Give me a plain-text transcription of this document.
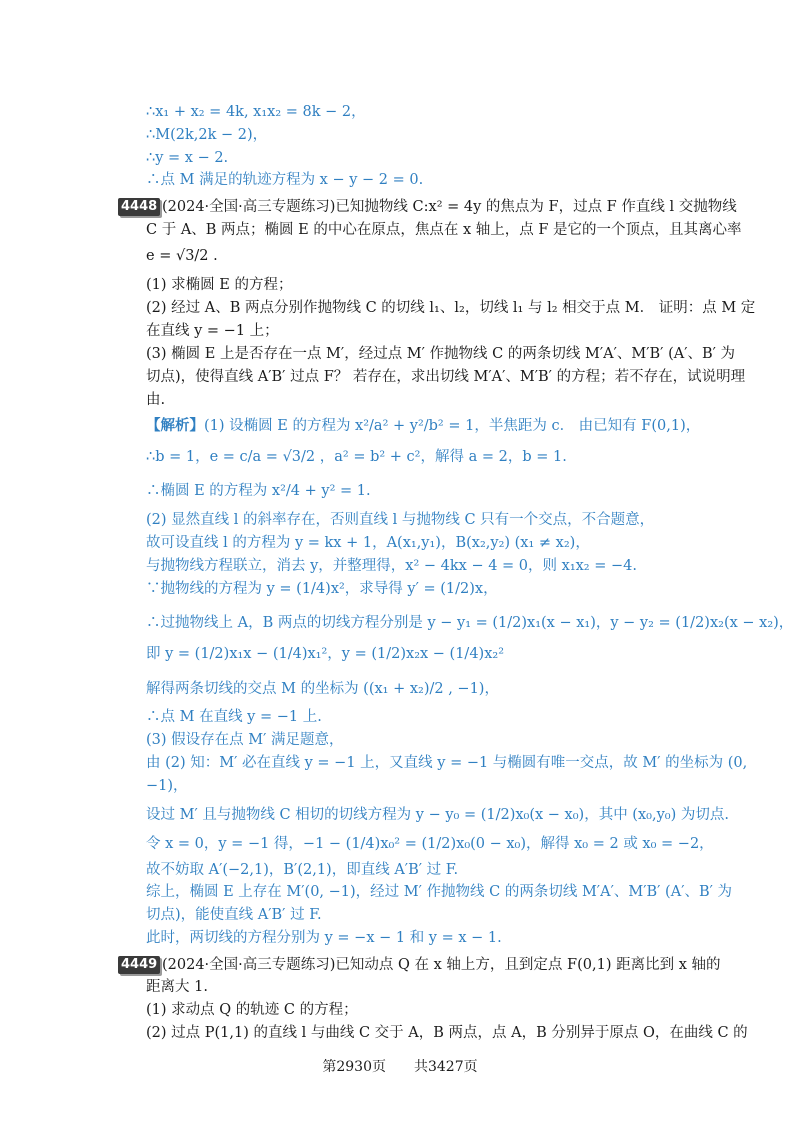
∴x₁ + x₂ = 4k, x₁x₂ = 8k − 2，
∴M(2k,2k − 2)，
∴y = x − 2.
∴点 M 满足的轨迹方程为 x − y − 2 = 0.
4448 (2024·全国·高三专题练习)已知抛物线 C:x² = 4y 的焦点为 F，过点 F 作直线 l 交抛物线
C 于 A、B 两点；椭圆 E 的中心在原点，焦点在 x 轴上，点 F 是它的一个顶点，且其离心率
e = √3/2 .
(1) 求椭圆 E 的方程；
(2) 经过 A、B 两点分别作抛物线 C 的切线 l₁、l₂，切线 l₁ 与 l₂ 相交于点 M． 证明：点 M 定
在直线 y = −1 上；
(3) 椭圆 E 上是否存在一点 M′，经过点 M′ 作抛物线 C 的两条切线 M′A′、M′B′ (A′、B′ 为
切点)，使得直线 A′B′ 过点 F？ 若存在，求出切线 M′A′、M′B′ 的方程；若不存在，试说明理
由.
【解析】(1) 设椭圆 E 的方程为 x²/a² + y²/b² = 1，半焦距为 c． 由已知有 F(0,1)，
∴b = 1，e = c/a = √3/2 ，a² = b² + c²，解得 a = 2，b = 1.
∴椭圆 E 的方程为 x²/4 + y² = 1.
(2) 显然直线 l 的斜率存在，否则直线 l 与抛物线 C 只有一个交点，不合题意，
故可设直线 l 的方程为 y = kx + 1，A(x₁,y₁)，B(x₂,y₂) (x₁ ≠ x₂)，
与抛物线方程联立，消去 y，并整理得，x² − 4kx − 4 = 0，则 x₁x₂ = −4.
∵抛物线的方程为 y = (1/4)x²，求导得 y′ = (1/2)x，
∴过抛物线上 A，B 两点的切线方程分别是 y − y₁ = (1/2)x₁(x − x₁)，y − y₂ = (1/2)x₂(x − x₂)，
即 y = (1/2)x₁x − (1/4)x₁²，y = (1/2)x₂x − (1/4)x₂²
解得两条切线的交点 M 的坐标为 ((x₁ + x₂)/2 , −1)，
∴点 M 在直线 y = −1 上.
(3) 假设存在点 M′ 满足题意，
由 (2) 知：M′ 必在直线 y = −1 上，又直线 y = −1 与椭圆有唯一交点，故 M′ 的坐标为 (0,
−1)，
设过 M′ 且与抛物线 C 相切的切线方程为 y − y₀ = (1/2)x₀(x − x₀)，其中 (x₀,y₀) 为切点.
令 x = 0，y = −1 得，−1 − (1/4)x₀² = (1/2)x₀(0 − x₀)，解得 x₀ = 2 或 x₀ = −2，
故不妨取 A′(−2,1)，B′(2,1)，即直线 A′B′ 过 F.
综上，椭圆 E 上存在 M′(0, −1)，经过 M′ 作抛物线 C 的两条切线 M′A′、M′B′ (A′、B′ 为
切点)，能使直线 A′B′ 过 F.
此时，两切线的方程分别为 y = −x − 1 和 y = x − 1.
4449 (2024·全国·高三专题练习)已知动点 Q 在 x 轴上方，且到定点 F(0,1) 距离比到 x 轴的
距离大 1.
(1) 求动点 Q 的轨迹 C 的方程；
(2) 过点 P(1,1) 的直线 l 与曲线 C 交于 A，B 两点，点 A，B 分别异于原点 O，在曲线 C 的
第2930页　　共3427页
